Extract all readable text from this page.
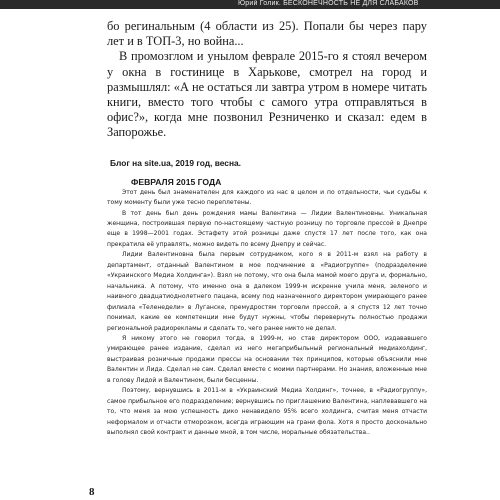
Юрий Голик. БЕСКОНЕЧНОСТЬ НЕ ДЛЯ СЛАБАКОВ

бо регинальным (4 области из 25). Попали бы через пару лет и в ТОП-3, но война...

В промозглом и унылом феврале 2015-го я стоял вечером у окна в гостинице в Харькове, смотрел на город и размышлял: «А не остаться ли завтра утром в номере читать книги, вместо того чтобы с самого утра отправляться в офис?», когда мне позвонил Резниченко и сказал: едем в Запорожье.

Блог на site.ua, 2019 год, весна.
ФЕВРАЛЯ 2015 ГОДА

Этот день был знаменателен для каждого из нас в целом и по отдельности, чьи судьбы к тому моменту были уже тесно переплетены.

В тот день был день рождения мамы Валентина — Лидии Валентиновны. Уникальная женщина, построившая первую по-настоящему частную розницу по торговле прессой в Днепре еще в 1998—2001 годах. Эстафету этой розницы даже спустя 17 лет после того, как она прекратила её управлять, можно видеть по всему Днепру и сейчас.

Лидии Валентиновна была первым сотрудником, кого я в 2011-м взял на работу в департамент, отданный Валентином в мое подчинение в «Радиогруппе» (подразделение «Украинского Медиа Холдинга»). Взял не потому, что она была мамой моего друга и, формально, начальника. А потому, что именно она в далеком 1999-м искренне учила меня, зеленого и наивного двадцатиоднолетнего пацана, всему под назначенного директором умирающего ранее филиала «Теленедели» в Луганске, премудростям торговли прессой, а я спустя 12 лет точно понимал, какие ее компетенции мне будут нужны, чтобы перевернуть полностью продажи региональной радиорекламы и сделать то, чего ранее никто не делал.

Я никому этого не говорил тогда, в 1999-м, но став директором ООО, издававшего умирающее ранее издание, сделал из него мегаприбыльный региональный медиахолдинг, выстраивая розничные продажи прессы на основании тех принципов, которые объяснили мне Валентин и Лида. Сделал не сам. Сделал вместе с моими партнерами. Но знания, вложенные мне в голову Лидой и Валентином, были бесценны.

Поэтому, вернувшись в 2011-м в «Украинский Медиа Холдинг», точнее, в «Радиогруппу», самое прибыльное его подразделение; вернувшись по приглашению Валентина, наплевавшего на то, что меня за мою успешность дико ненавидело 95% всего холдинга, считая меня отчасти неформалом и отчасти отморозком, всегда играющим на грани фола. Хотя я просто досконально выполнял свой контракт и данные мной, в том числе, моральные обязательства..

8
